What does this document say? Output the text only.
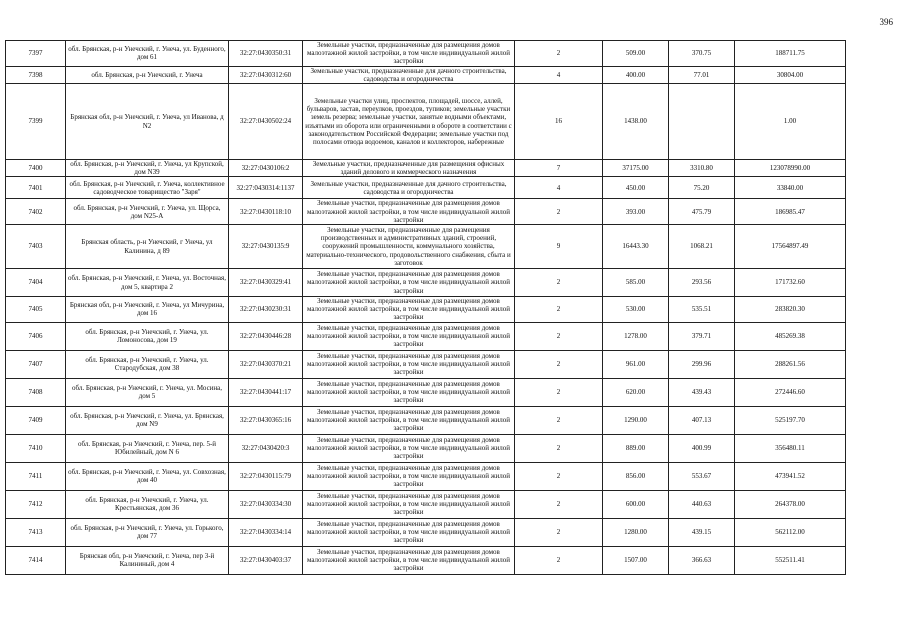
396
7397	обл. Брянская, р-н Унечский, г. Унеча, ул. Буденного, дом 61	32:27:0430350:31	Земельные участки, предназначенные для размещения домов малоэтажной жилой застройки, в том числе индивидуальной жилой застройки	2	509.00	370.75	188711.75
7398	обл. Брянская, р-н Унечский, г. Унеча	32:27:0430312:60	Земельные участки, предназначенные для дачного строительства, садоводства и огородничества	4	400.00	77.01	30804.00
7399	Брянская обл, р-н Унечский, г. Унеча, ул Иванова, д N2	32:27:0430502:24	Земельные участки улиц, проспектов, площадей, шоссе, аллей, бульваров, застав, переулков, проездов, тупиков; земельные участки земель резерва; земельные участки, занятые водными объектами, изъятыми из оборота или ограниченными в обороте в соответствии с законодательством Российской Федерации; земельные участки под полосами отвода водоемов, каналов и коллекторов, набережные	16	1438.00		1.00
7400	обл. Брянская, р-н Унечский, г. Унеча, ул Крупской, дом N39	32:27:0430106:2	Земельные участки, предназначенные для размещения офисных зданий делового и коммерческого назначения	7	37175.00	3310.80	123078990.00
7401	обл. Брянская, р-н Унечский, г. Унеча, коллективное садоводческое товарищество "Заря"	32:27:0430314:1137	Земельные участки, предназначенные для дачного строительства, садоводства и огородничества	4	450.00	75.20	33840.00
7402	обл. Брянская, р-н Унечский, г. Унеча, ул. Щорса, дом N25-А	32:27:0430118:10	Земельные участки, предназначенные для размещения домов малоэтажной жилой застройки, в том числе индивидуальной жилой застройки	2	393.00	475.79	186985.47
7403	Брянская область, р-н Унечский, г Унеча, ул Калинина, д 89	32:27:0430135:9	Земельные участки, предназначенные для размещения производственных и административных зданий, строений, сооружений промышленности, коммунального хозяйства, материально-технического, продовольственного снабжения, сбыта и заготовок	9	16443.30	1068.21	17564897.49
7404	обл. Брянская, р-н Унечский, г. Унеча, ул. Восточная, дом 5, квартира 2	32:27:0430329:41	Земельные участки, предназначенные для размещения домов малоэтажной жилой застройки, в том числе индивидуальной жилой застройки	2	585.00	293.56	171732.60
7405	Брянская обл, р-н Унечский, г. Унеча, ул Мичурина, дом 16	32:27:0430230:31	Земельные участки, предназначенные для размещения домов малоэтажной жилой застройки, в том числе индивидуальной жилой застройки	2	530.00	535.51	283820.30
7406	обл. Брянская, р-н Унечский, г. Унеча, ул. Ломоносова, дом 19	32:27:0430446:28	Земельные участки, предназначенные для размещения домов малоэтажной жилой застройки, в том числе индивидуальной жилой застройки	2	1278.00	379.71	485269.38
7407	обл. Брянская, р-н Унечский, г. Унеча, ул. Стародубская, дом 38	32:27:0430370:21	Земельные участки, предназначенные для размещения домов малоэтажной жилой застройки, в том числе индивидуальной жилой застройки	2	961.00	299.96	288261.56
7408	обл. Брянская, р-н Унечский, г. Унеча, ул. Мосина, дом 5	32:27:0430441:17	Земельные участки, предназначенные для размещения домов малоэтажной жилой застройки, в том числе индивидуальной жилой застройки	2	620.00	439.43	272446.60
7409	обл. Брянская, р-н Унечский, г. Унеча, ул. Брянская, дом N9	32:27:0430365:16	Земельные участки, предназначенные для размещения домов малоэтажной жилой застройки, в том числе индивидуальной жилой застройки	2	1290.00	407.13	525197.70
7410	обл. Брянская, р-н Унечский, г. Унеча, пер. 5-й Юбилейный, дом N 6	32:27:0430420:3	Земельные участки, предназначенные для размещения домов малоэтажной жилой застройки, в том числе индивидуальной жилой застройки	2	889.00	400.99	356480.11
7411	обл. Брянская, р-н Унечский, г. Унеча, ул. Совхозная, дом 40	32:27:0430115:79	Земельные участки, предназначенные для размещения домов малоэтажной жилой застройки, в том числе индивидуальной жилой застройки	2	856.00	553.67	473941.52
7412	обл. Брянская, р-н Унечский, г. Унеча, ул. Крестьянская, дом 36	32:27:0430334:30	Земельные участки, предназначенные для размещения домов малоэтажной жилой застройки, в том числе индивидуальной жилой застройки	2	600.00	440.63	264378.00
7413	обл. Брянская, р-н Унечский, г. Унеча, ул. Горького, дом 77	32:27:0430334:14	Земельные участки, предназначенные для размещения домов малоэтажной жилой застройки, в том числе индивидуальной жилой застройки	2	1280.00	439.15	562112.00
7414	Брянская обл, р-н Унечский, г. Унеча, пер 3-й Калининый, дом 4	32:27:0430403:37	Земельные участки, предназначенные для размещения домов малоэтажной жилой застройки, в том числе индивидуальной жилой застройки	2	1507.00	366.63	552511.41
